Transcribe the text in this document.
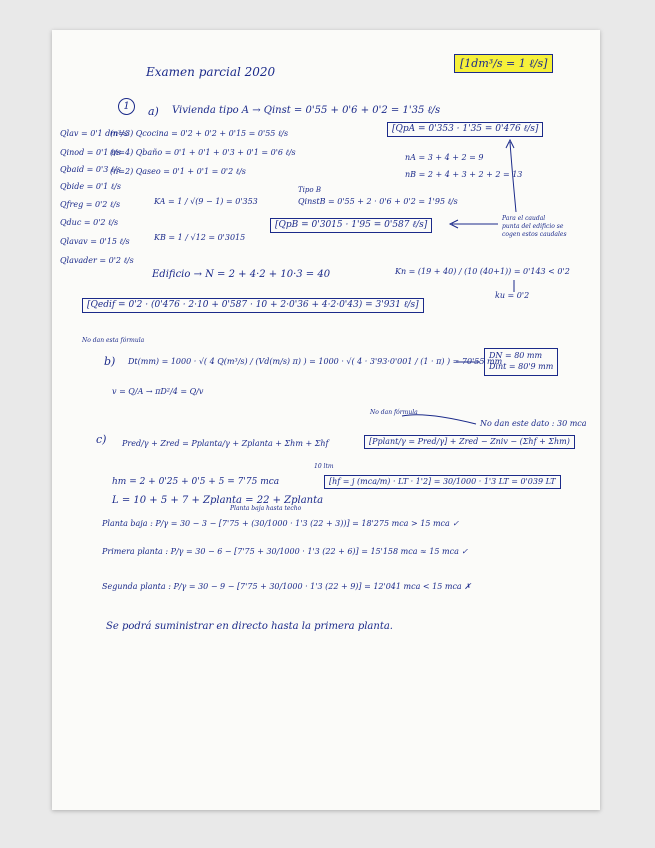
Examen parcial 2020
[1dm³/s = 1 ℓ/s]
1	a) Vivienda tipo A → Qinst = 0'55 + 0'6 + 0'2 = 1'35 ℓ/s
Qlav = 0'1 dm³/s
Qinod = 0'1 ℓ/s
Qbaid = 0'3 ℓ/s
Qbide = 0'1 ℓ/s
Qfreg = 0'2 ℓ/s
Qduc = 0'2 ℓ/s
Qlavav = 0'15 ℓ/s
Qlavader = 0'2 ℓ/s
(n=3) Qcocina = 0'2 + 0'2 + 0'15 = 0'55 ℓ/s
(n=4) Qbaño = 0'1 + 0'1 + 0'3 + 0'1 = 0'6 ℓ/s
(n=2) Qaseo = 0'1 + 0'1 = 0'2 ℓ/s
[QpA = 0'353 · 1'35 = 0'476 ℓ/s]
nA = 3 + 4 + 2 = 9
nB = 2 + 4 + 3 + 2 + 2 = 13
KA = 1 / √(9 − 1) = 0'353
Tipo B
QinstB = 0'55 + 2 · 0'6 + 0'2 = 1'95 ℓ/s
KB = 1 / √12 = 0'3015
[QpB = 0'3015 · 1'95 = 0'587 ℓ/s]
Para el caudal
punta del edificio se
cogen estos caudales
Edificio → N = 2 + 4·2 + 10·3 = 40	Kn = (19 + 40) / (10 (40+1)) = 0'143 < 0'2
ku = 0'2
[Qedif = 0'2 · (0'476 · 2·10 + 0'587 · 10 + 2·0'36 + 4·2·0'43) = 3'931 ℓ/s]
No dan esta fórmula
b) Dt(mm) = 1000 · √( 4 Q(m³/s) / (Vd(m/s) π) ) = 1000 · √( 4 · 3'93·0'001 / (1 · π) ) = 70'55 mm
DN = 80 mm
Dint = 80'9 mm
v = Q/A → πD²/4 = Q/v
No dan fórmula
No dan este dato : 30 mca
c) Pred/γ + Zred = Pplanta/γ + Zplanta + Σhm + Σhf	[Pplant/γ = Pred/γ] + Zred − Zniv − (Σhf + Σhm)
hm = 2 + 0'25 + 0'5 + 5 = 7'75 mca
10 ltm
[hf = j (mca/m) · LT · 1'2] = 30/1000 · 1'3 LT = 0'039 LT
L = 10 + 5 + 7 + Zplanta = 22 + Zplanta
Planta baja hasta techo
Planta baja : P/γ = 30 − 3 − [7'75 + (30/1000 · 1'3 (22 + 3))] = 18'275 mca > 15 mca ✓
Primera planta : P/γ = 30 − 6 − [7'75 + 30/1000 · 1'3 (22 + 6)] = 15'158 mca ≈ 15 mca ✓
Segunda planta : P/γ = 30 − 9 − [7'75 + 30/1000 · 1'3 (22 + 9)] = 12'041 mca < 15 mca ✗
Se podrá suministrar en directo hasta la primera planta.
